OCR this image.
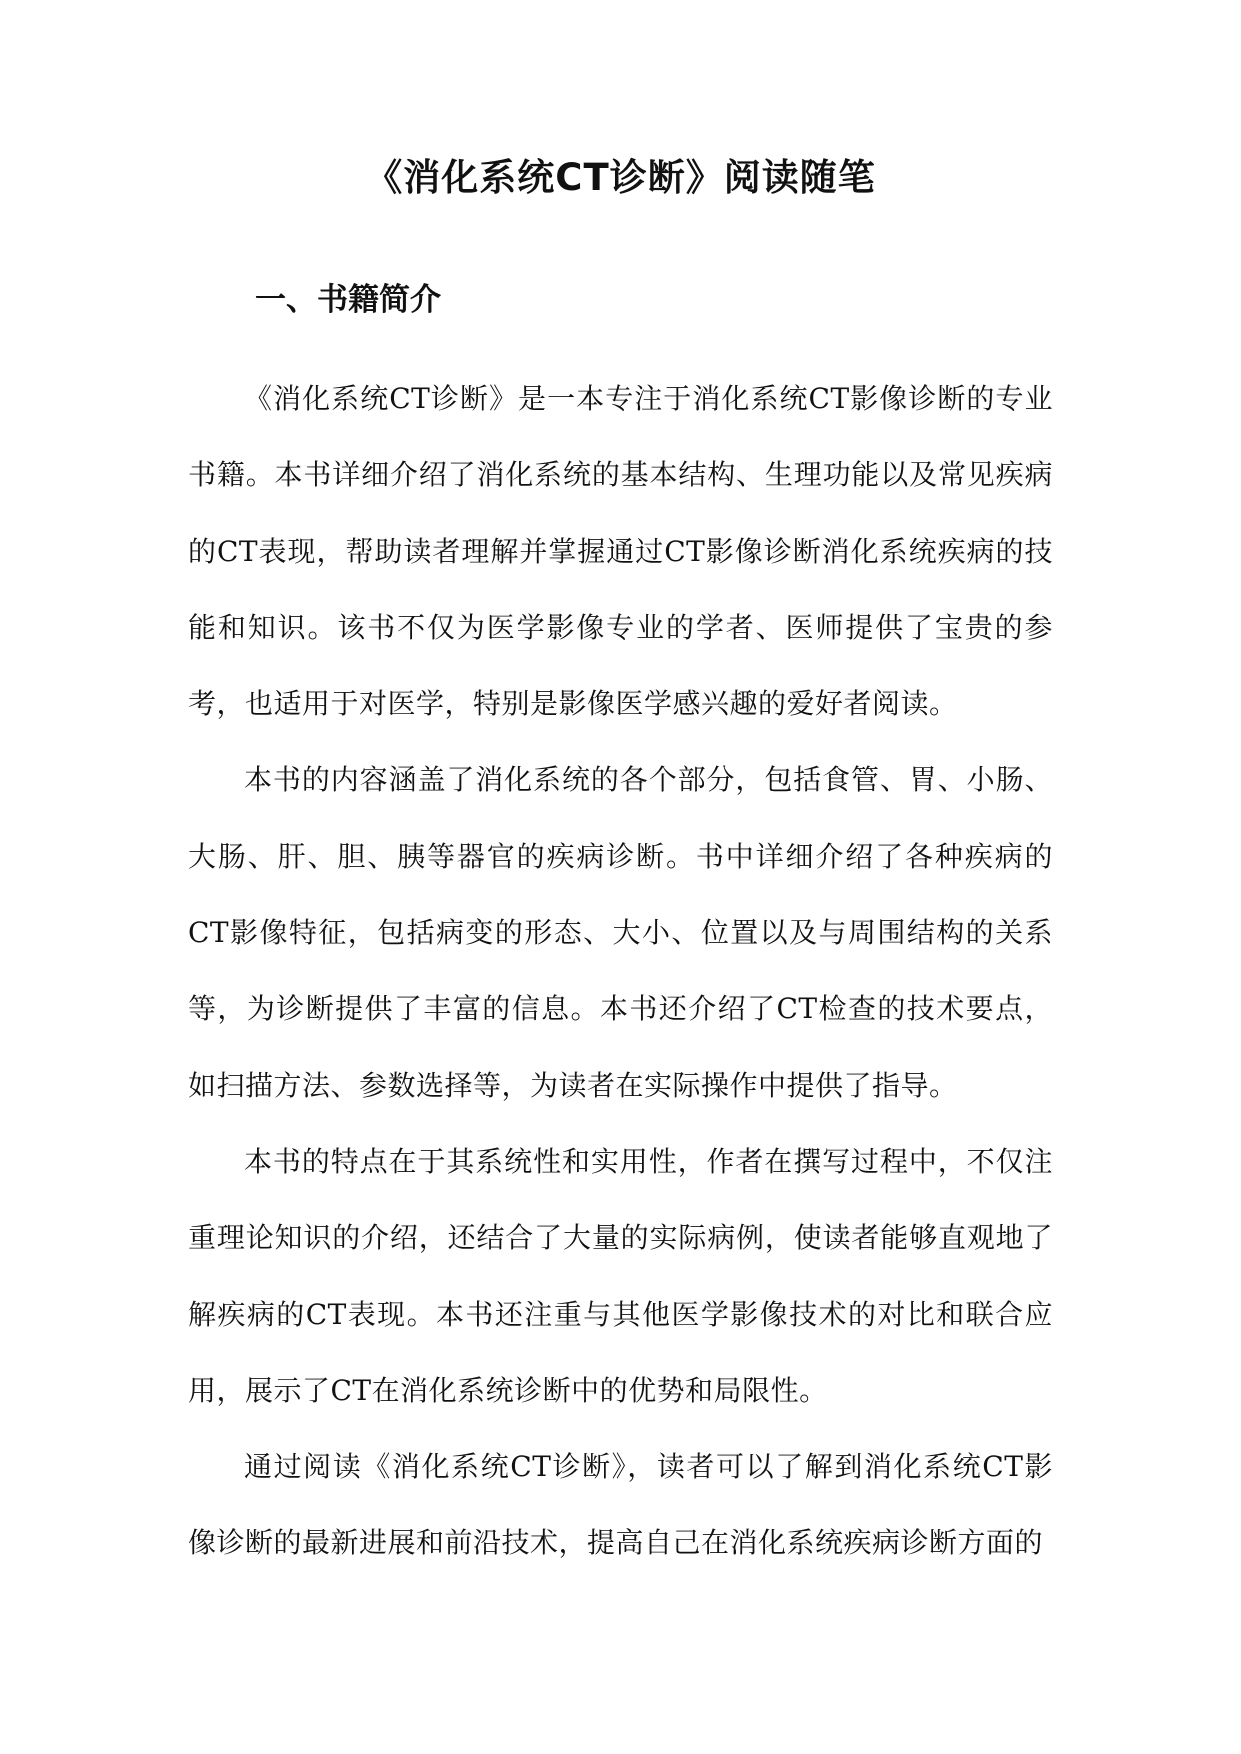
《消化系统CT诊断》阅读随笔
一、书籍简介

《消化系统CT诊断》是一本专注于消化系统CT影像诊断的专业书籍。本书详细介绍了消化系统的基本结构、生理功能以及常见疾病的CT表现，帮助读者理解并掌握通过CT影像诊断消化系统疾病的技能和知识。该书不仅为医学影像专业的学者、医师提供了宝贵的参考，也适用于对医学，特别是影像医学感兴趣的爱好者阅读。

本书的内容涵盖了消化系统的各个部分，包括食管、胃、小肠、大肠、肝、胆、胰等器官的疾病诊断。书中详细介绍了各种疾病的CT影像特征，包括病变的形态、大小、位置以及与周围结构的关系等，为诊断提供了丰富的信息。本书还介绍了CT检查的技术要点，如扫描方法、参数选择等，为读者在实际操作中提供了指导。

本书的特点在于其系统性和实用性，作者在撰写过程中，不仅注重理论知识的介绍，还结合了大量的实际病例，使读者能够直观地了解疾病的CT表现。本书还注重与其他医学影像技术的对比和联合应用，展示了CT在消化系统诊断中的优势和局限性。

通过阅读《消化系统CT诊断》，读者可以了解到消化系统CT影像诊断的最新进展和前沿技术，提高自己在消化系统疾病诊断方面的
